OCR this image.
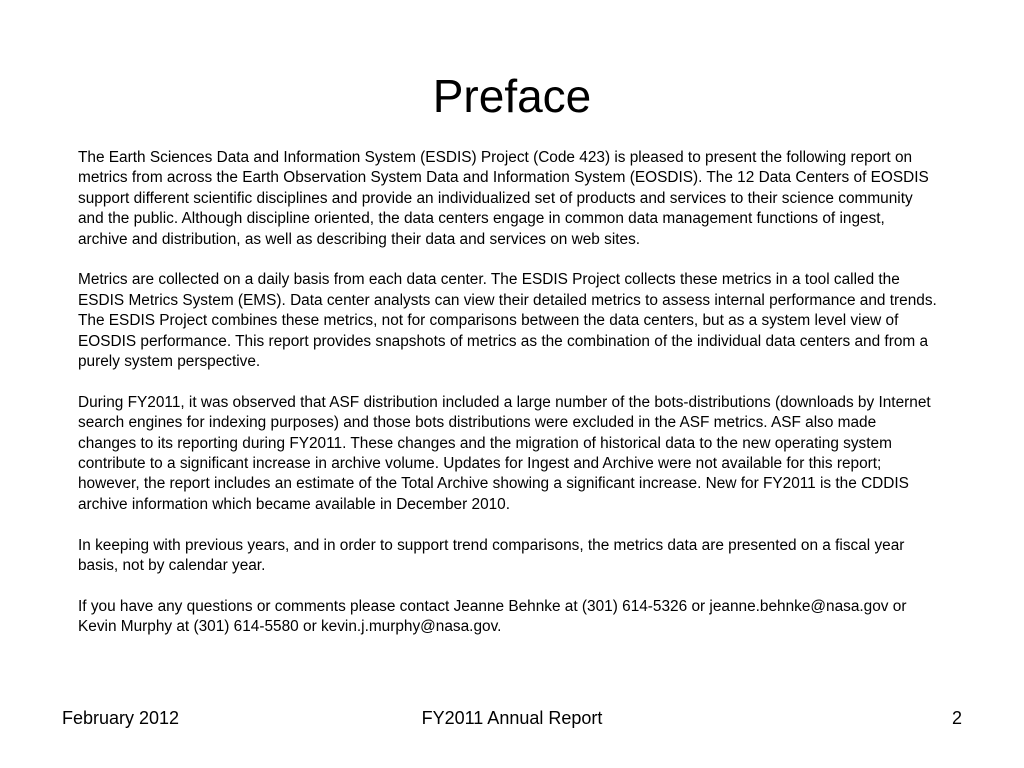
Preface

The Earth Sciences Data and Information System (ESDIS) Project (Code 423) is pleased to present the following report on metrics from across the Earth Observation System Data and Information System (EOSDIS). The 12 Data Centers of EOSDIS support different scientific disciplines and provide an individualized set of products and services to their science community and the public. Although discipline oriented, the data centers engage in common data management functions of ingest, archive and distribution, as well as describing their data and services on web sites.

Metrics are collected on a daily basis from each data center. The ESDIS Project collects these metrics in a tool called the ESDIS Metrics System (EMS). Data center analysts can view their detailed metrics to assess internal performance and trends. The ESDIS Project combines these metrics, not for comparisons between the data centers, but as a system level view of EOSDIS performance. This report provides snapshots of metrics as the combination of the individual data centers and from a purely system perspective.

During FY2011, it was observed that ASF distribution included a large number of the bots-distributions (downloads by Internet search engines for indexing purposes) and those bots distributions were excluded in the ASF metrics. ASF also made changes to its reporting during FY2011. These changes and the migration of historical data to the new operating system contribute to a significant increase in archive volume. Updates for Ingest and Archive were not available for this report; however, the report includes an estimate of the Total Archive showing a significant increase. New for FY2011 is the CDDIS archive information which became available in December 2010.

In keeping with previous years, and in order to support trend comparisons, the metrics data are presented on a fiscal year basis, not by calendar year.

If you have any questions or comments please contact Jeanne Behnke at (301) 614-5326 or jeanne.behnke@nasa.gov or Kevin Murphy at (301) 614-5580 or kevin.j.murphy@nasa.gov.

February 2012	FY2011 Annual Report	2
